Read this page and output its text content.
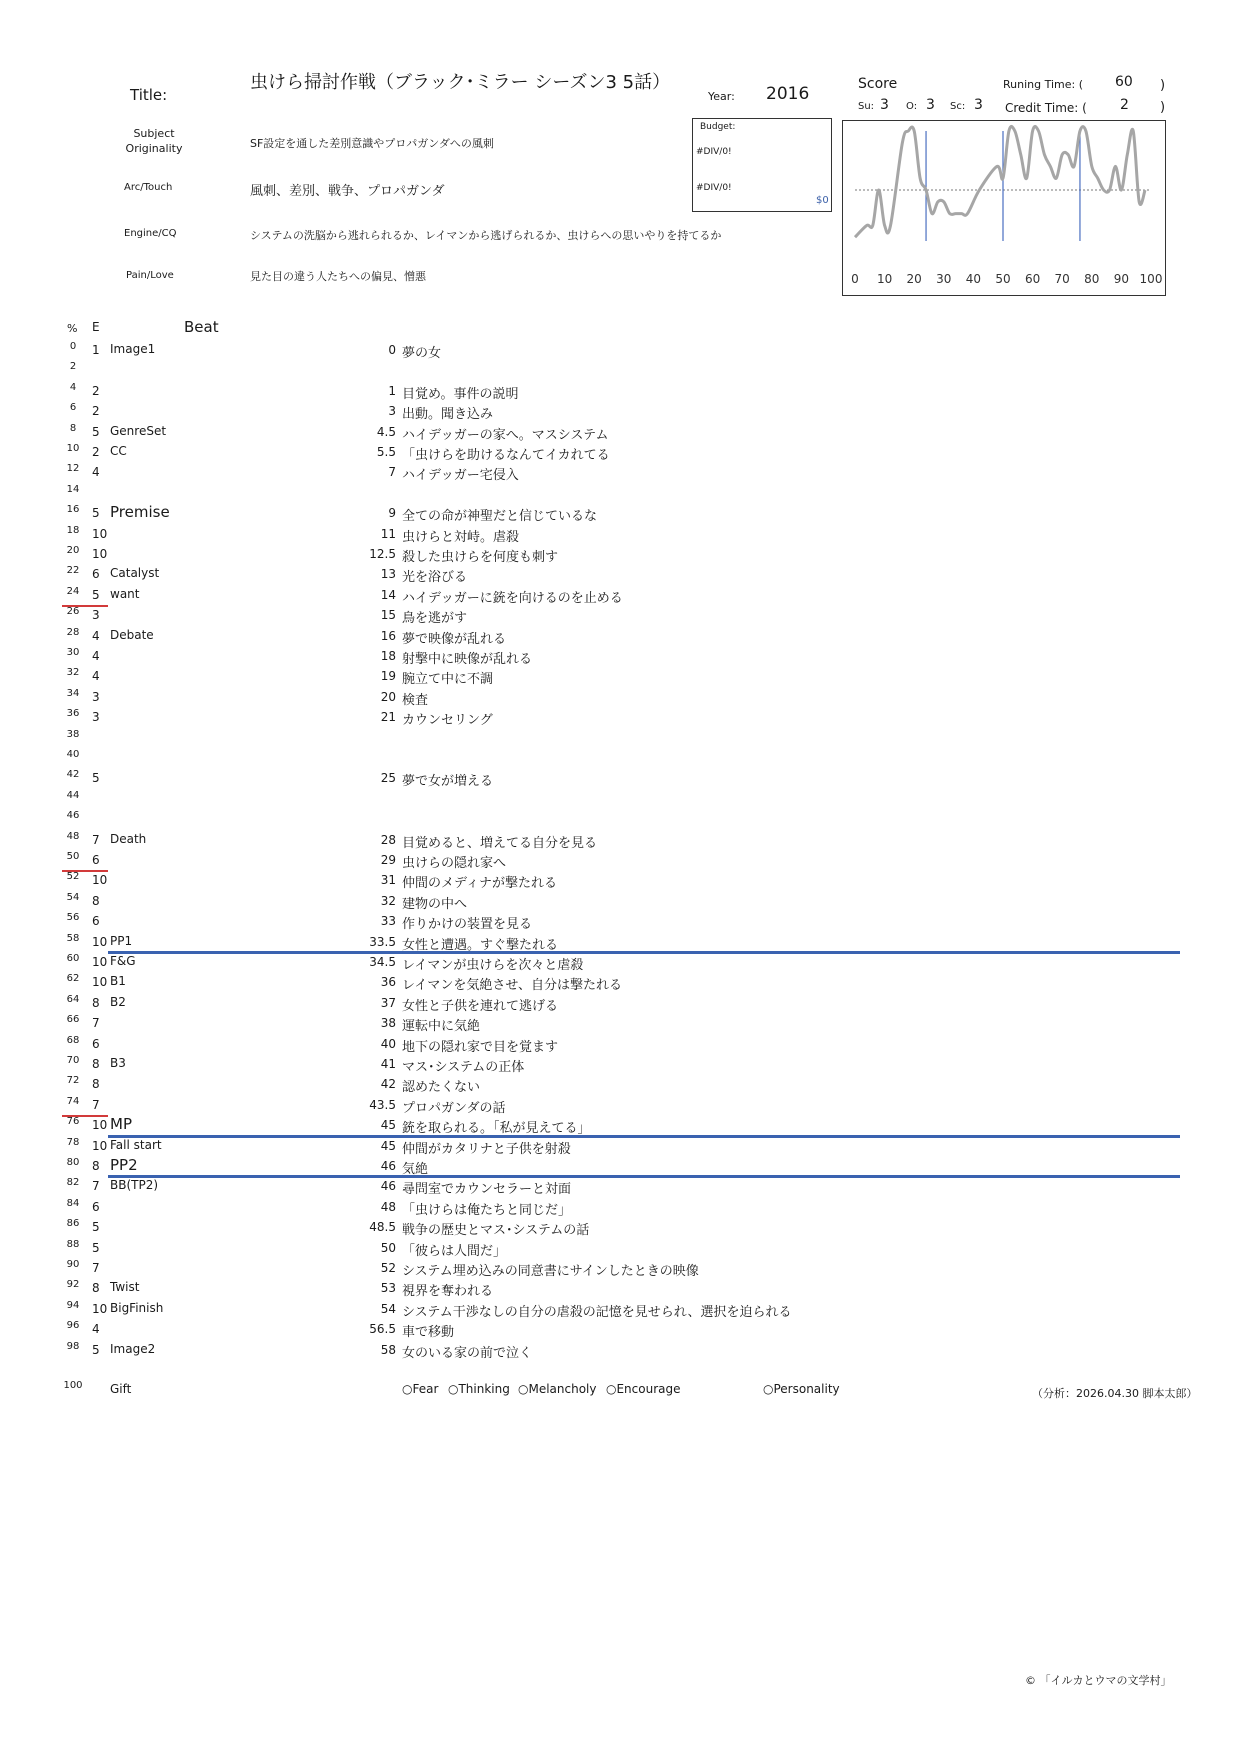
Title:
虫けら掃討作戦（ブラック･ミラー シーズン3 5話）
Year: 2016
Subject Originality	SF設定を通した差別意識やプロパガンダへの風刺
Arc/Touch	風刺、差別、戦争、プロパガンダ
Engine/CQ	システムの洗脳から逃れられるか、レイマンから逃げられるか、虫けらへの思いやりを持てるか
Pain/Love	見た目の違う人たちへの偏見、憎悪
Budget:
#DIV/0!
#DIV/0!
$0
Score
Su: 3 O: 3 Sc: 3
Runing Time: ( 60 )
Credit Time: ( 2 )
0 10 20 30 40 50 60 70 80 90 100
% E	Beat
0	1 Image1	0 夢の女
2
4	2	1 目覚め。事件の説明
6	2	3 出動。聞き込み
8	5 GenreSet	4.5 ハイデッガーの家へ。マスシステム
10	2 CC	5.5 「虫けらを助けるなんてイカれてる
12	4	7 ハイデッガー宅侵入
14
16	5 Premise	9 全ての命が神聖だと信じているな
18	10	11 虫けらと対峙。虐殺
20	10	12.5 殺した虫けらを何度も刺す
22	6 Catalyst	13 光を浴びる
24	5 want	14 ハイデッガーに銃を向けるのを止める
26	3	15 鳥を逃がす
28	4 Debate	16 夢で映像が乱れる
30	4	18 射撃中に映像が乱れる
32	4	19 腕立て中に不調
34	3	20 検査
36	3	21 カウンセリング
38
40
42	5	25 夢で女が増える
44
46
48	7 Death	28 目覚めると、増えてる自分を見る
50	6	29 虫けらの隠れ家へ
52	10	31 仲間のメディナが撃たれる
54	8	32 建物の中へ
56	6	33 作りかけの装置を見る
58	10 PP1	33.5 女性と遭遇。すぐ撃たれる
60	10 F&G	34.5 レイマンが虫けらを次々と虐殺
62	10 B1	36 レイマンを気絶させ、自分は撃たれる
64	8 B2	37 女性と子供を連れて逃げる
66	7	38 運転中に気絶
68	6	40 地下の隠れ家で目を覚ます
70	8 B3	41 マス･システムの正体
72	8	42 認めたくない
74	7	43.5 プロパガンダの話
76	10 MP	45 銃を取られる。「私が見えてる」
78	10 Fall start	45 仲間がカタリナと子供を射殺
80	8 PP2	46 気絶
82	7 BB(TP2)	46 尋問室でカウンセラーと対面
84	6	48 「虫けらは俺たちと同じだ」
86	5	48.5 戦争の歴史とマス･システムの話
88	5	50 「彼らは人間だ」
90	7	52 システム埋め込みの同意書にサインしたときの映像
92	8 Twist	53 視界を奪われる
94	10 BigFinish	54 システム干渉なしの自分の虐殺の記憶を見せられ、選択を迫られる
96	4	56.5 車で移動
98	5 Image2	58 女のいる家の前で泣く
100 Gift	○Fear ○Thinking ○Melancholy ○Encourage	○Personality	（分析：2026.04.30 脚本太郎）
© 「イルカとウマの文学村」
